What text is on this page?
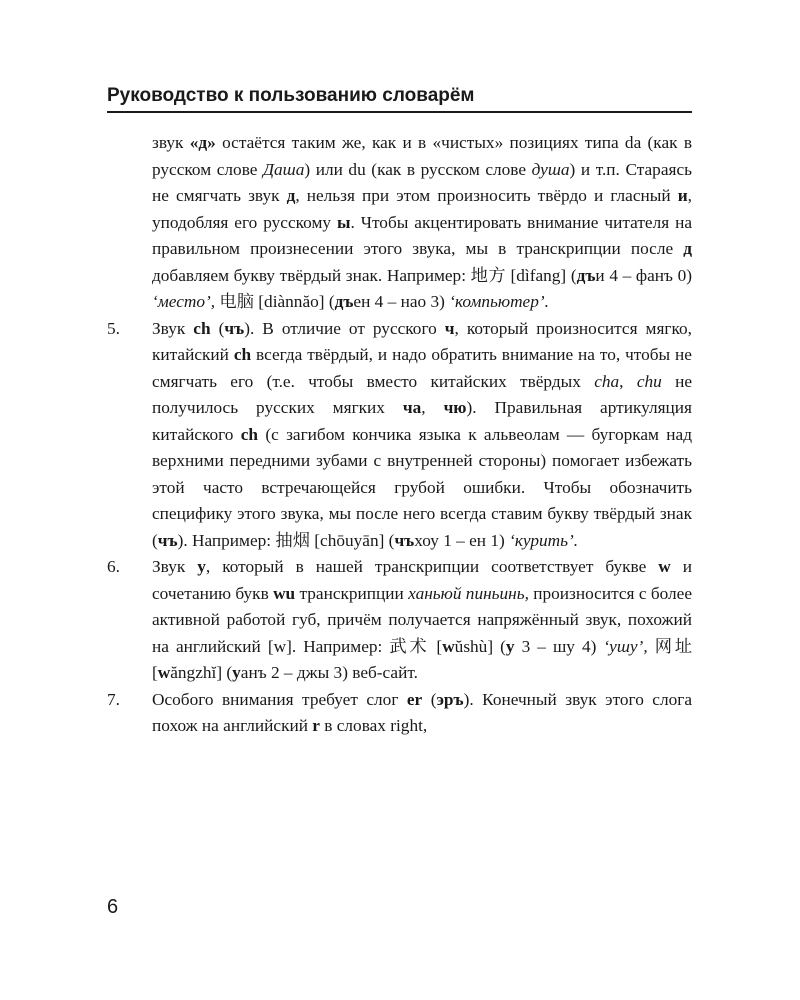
Руководство к пользованию словарём

звук «д» остаётся таким же, как и в «чистых» позициях типа da (как в русском слове Даша) или du (как в русском слове душа) и т.п. Стараясь не смягчать звук д, нельзя при этом произносить твёрдо и гласный и, уподобляя его русскому ы. Чтобы акцентировать внимание читателя на правильном произнесении этого звука, мы в транскрипции после д добавляем букву твёрдый знак. Например: 地方 [dìfang] (дъи 4 – фанъ 0) ‘место’, 电脑 [diànnăo] (дъен 4 – нао 3) ‘компьютер’.

5. Звук ch (чъ). В отличие от русского ч, который произносится мягко, китайский ch всегда твёрдый, и надо обратить внимание на то, чтобы не смягчать его (т.е. чтобы вместо китайских твёрдых cha, chu не получилось русских мягких ча, чю). Правильная артикуляция китайского ch (с загибом кончика языка к альвеолам — бугоркам над верхними передними зубами с внутренней стороны) помогает избежать этой часто встречающейся грубой ошибки. Чтобы обозначить специфику этого звука, мы после него всегда ставим букву твёрдый знак (чъ). Например: 抽烟 [chōuyān] (чъхоу 1 – ен 1) ‘курить’.
6. Звук у, который в нашей транскрипции соответствует букве w и сочетанию букв wu транскрипции ханьюй пиньинь, произносится с более активной работой губ, причём получается напряжённый звук, похожий на английский [w]. Например: 武术 [wŭshù] (у 3 – шу 4) ‘ушу’, 网址 [wăngzhĭ] (уанъ 2 – джы 3) веб-сайт.
7. Особого внимания требует слог er (эръ). Конечный звук этого слога похож на английский r в словах right,
6
